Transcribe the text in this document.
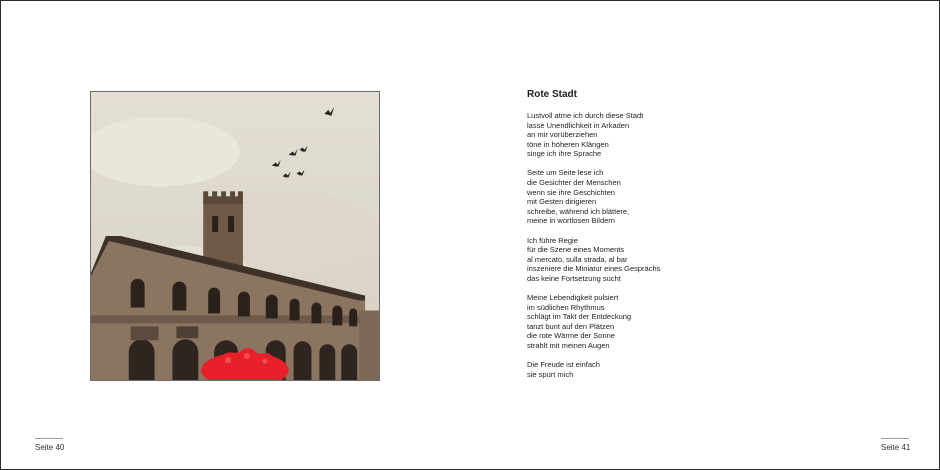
Seite 40
Rote Stadt
Lustvoll atme ich durch diese Stadt
lasse Unendlichkeit in Arkaden
an mir vorüberziehen
töne in höheren Klängen
singe ich ihre Sprache
Seite um Seite lese ich
die Gesichter der Menschen
wenn sie ihre Geschichten
mit Gesten dirigieren
schreibe, während ich blättere,
meine in wortlosen Bildern
Ich führe Regie
für die Szene eines Moments
al mercato, sulla strada, al bar
inszeniere die Miniatur eines Gesprächs
das keine Fortsetzung sucht
Meine Lebendigkeit pulsiert
im südlichen Rhythmus
schlägt im Takt der Entdeckung
tanzt bunt auf den Plätzen
die rote Wärme der Sonne
strahlt mit meinen Augen
Die Freude ist einfach
sie spürt mich
Seite 41
